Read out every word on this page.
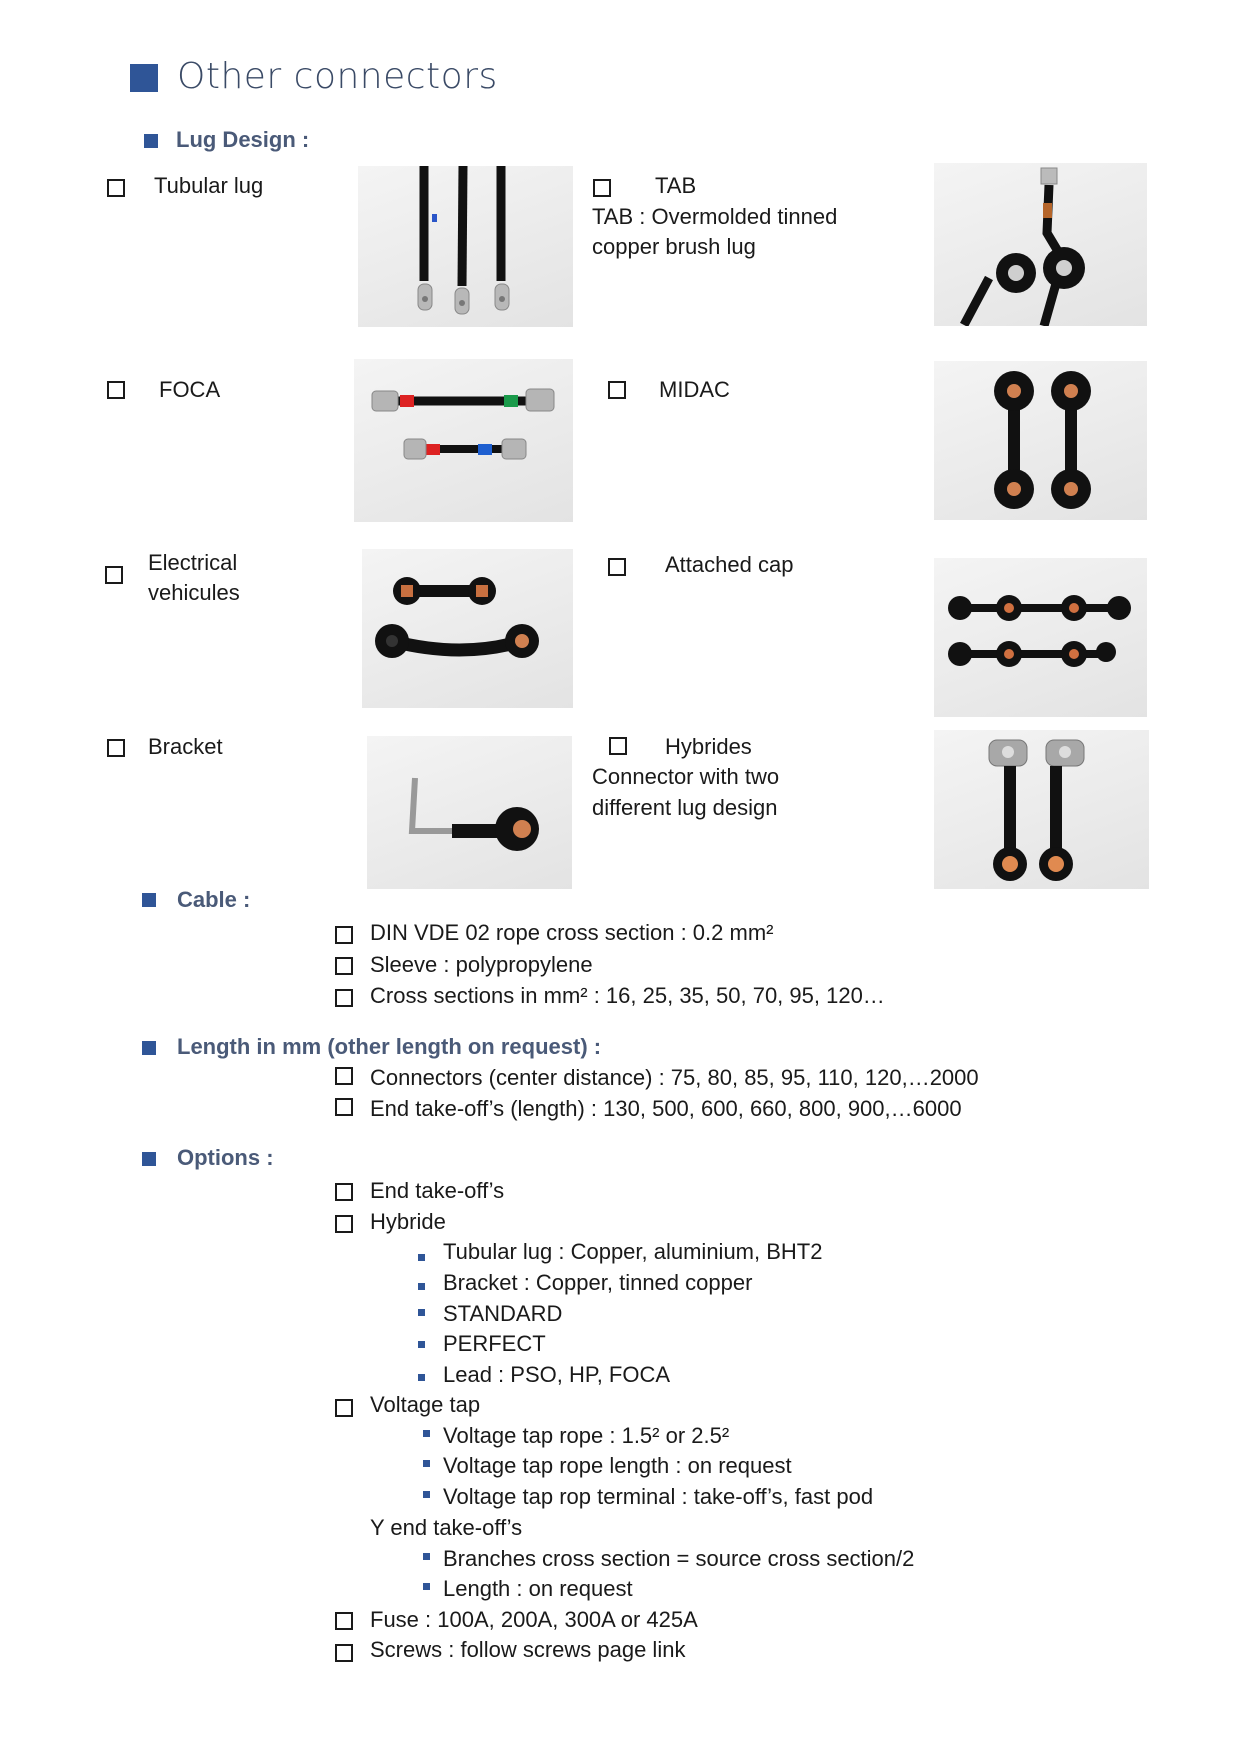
Other connectors
Lug Design :
Tubular lug	TAB
TAB : Overmolded tinned
copper brush lug
FOCA	MIDAC
Electrical
vehicules
Attached cap
Bracket	Hybrides
Connector with two
different lug design
Cable :
DIN VDE 02 rope cross section : 0.2 mm²
Sleeve : polypropylene
Cross sections in mm² : 16, 25, 35, 50, 70, 95, 120…
Length in mm (other length on request) :
Connectors (center distance) : 75, 80, 85, 95, 110, 120,…2000
End take-off’s (length) : 130, 500, 600, 660, 800, 900,…6000
Options :
End take-off’s
Hybride
Tubular lug : Copper, aluminium, BHT2
Bracket : Copper, tinned copper
STANDARD
PERFECT
Lead : PSO, HP, FOCA
Voltage tap
Voltage tap rope : 1.5² or 2.5²
Voltage tap rope length : on request
Voltage tap rop terminal : take-off’s, fast pod
Y end take-off’s
Branches cross section = source cross section/2
Length : on request
Fuse : 100A, 200A, 300A or 425A
Screws : follow screws page link
